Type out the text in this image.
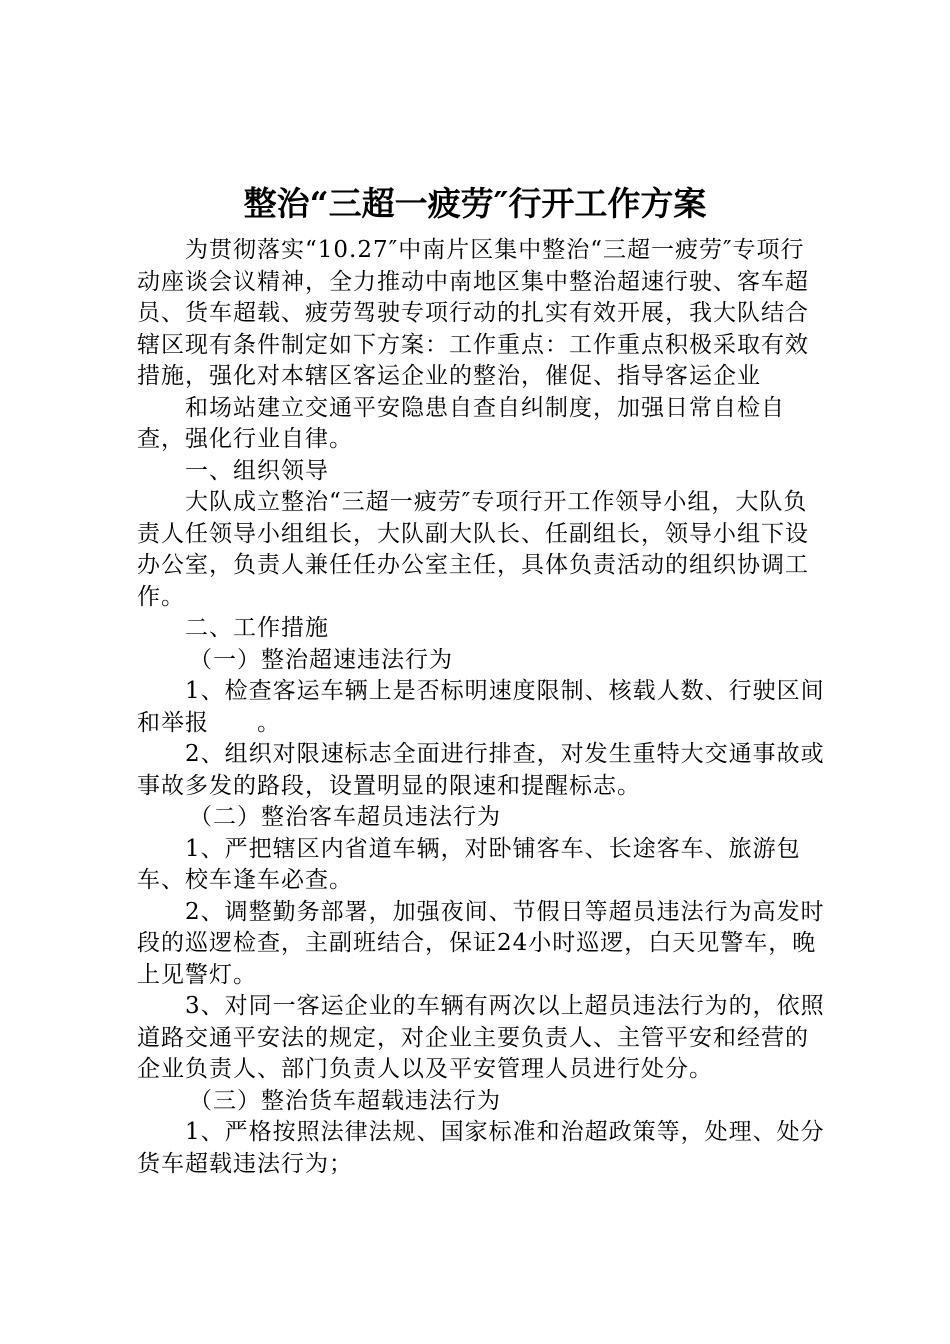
整治“三超一疲劳″行开工作方案

为贯彻落实“10.27″中南片区集中整治“三超一疲劳″专项行动座谈会议精神，全力推动中南地区集中整治超速行驶、客车超员、货车超载、疲劳驾驶专项行动的扎实有效开展，我大队结合辖区现有条件制定如下方案：工作重点：工作重点积极采取有效措施，强化对本辖区客运企业的整治，催促、指导客运企业

和场站建立交通平安隐患自查自纠制度，加强日常自检自查，强化行业自律。

一、组织领导

大队成立整治“三超一疲劳″专项行开工作领导小组，大队负责人任领导小组组长，大队副大队长、任副组长，领导小组下设办公室，负责人兼任任办公室主任，具体负责活动的组织协调工作。

二、工作措施

（一）整治超速违法行为

1、检查客运车辆上是否标明速度限制、核载人数、行驶区间和举报　　。

2、组织对限速标志全面进行排查，对发生重特大交通事故或事故多发的路段，设置明显的限速和提醒标志。

（二）整治客车超员违法行为

1、严把辖区内省道车辆，对卧铺客车、长途客车、旅游包车、校车逢车必查。

2、调整勤务部署，加强夜间、节假日等超员违法行为高发时段的巡逻检查，主副班结合，保证24小时巡逻，白天见警车，晚上见警灯。

3、对同一客运企业的车辆有两次以上超员违法行为的，依照道路交通平安法的规定，对企业主要负责人、主管平安和经营的企业负责人、部门负责人以及平安管理人员进行处分。

（三）整治货车超载违法行为

1、严格按照法律法规、国家标准和治超政策等，处理、处分货车超载违法行为；
